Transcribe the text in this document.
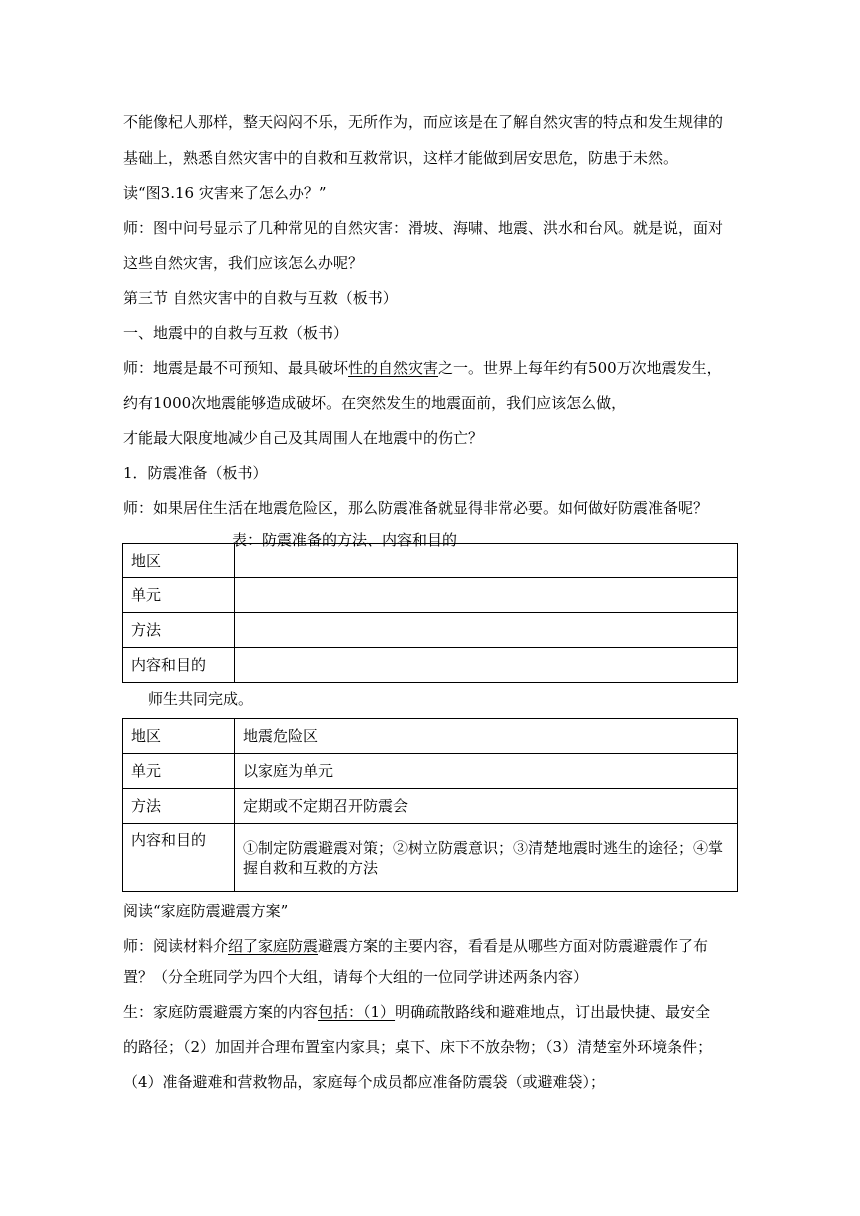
不能像杞人那样，整天闷闷不乐，无所作为，而应该是在了解自然灾害的特点和发生规律的
基础上，熟悉自然灾害中的自救和互救常识，这样才能做到居安思危，防患于未然。
读“图3.16 灾害来了怎么办？”
师：图中问号显示了几种常见的自然灾害：滑坡、海啸、地震、洪水和台风。就是说，面对
这些自然灾害，我们应该怎么办呢？
第三节 自然灾害中的自救与互救（板书）
一、地震中的自救与互救（板书）
师：地震是最不可预知、最具破坏性的自然灾害之一。世界上每年约有500万次地震发生，
约有1000次地震能够造成破坏。在突然发生的地震面前，我们应该怎么做，
才能最大限度地减少自己及其周围人在地震中的伤亡？
1．防震准备（板书）
师：如果居住生活在地震危险区，那么防震准备就显得非常必要。如何做好防震准备呢？
表：防震准备的方法、内容和目的
地区	
单元	
方法	
内容和目的	
师生共同完成。
地区	地震危险区
单元	以家庭为单元
方法	定期或不定期召开防震会
内容和目的	①制定防震避震对策；②树立防震意识；③清楚地震时逃生的途径；④掌
握自救和互救的方法
阅读“家庭防震避震方案”
师：阅读材料介绍了家庭防震避震方案的主要内容，看看是从哪些方面对防震避震作了布
置？（分全班同学为四个大组，请每个大组的一位同学讲述两条内容）
生：家庭防震避震方案的内容包括：（1）明确疏散路线和避难地点，订出最快捷、最安全
的路径；（2）加固并合理布置室内家具；桌下、床下不放杂物；（3）清楚室外环境条件；
（4）准备避难和营救物品，家庭每个成员都应准备防震袋（或避难袋）；
